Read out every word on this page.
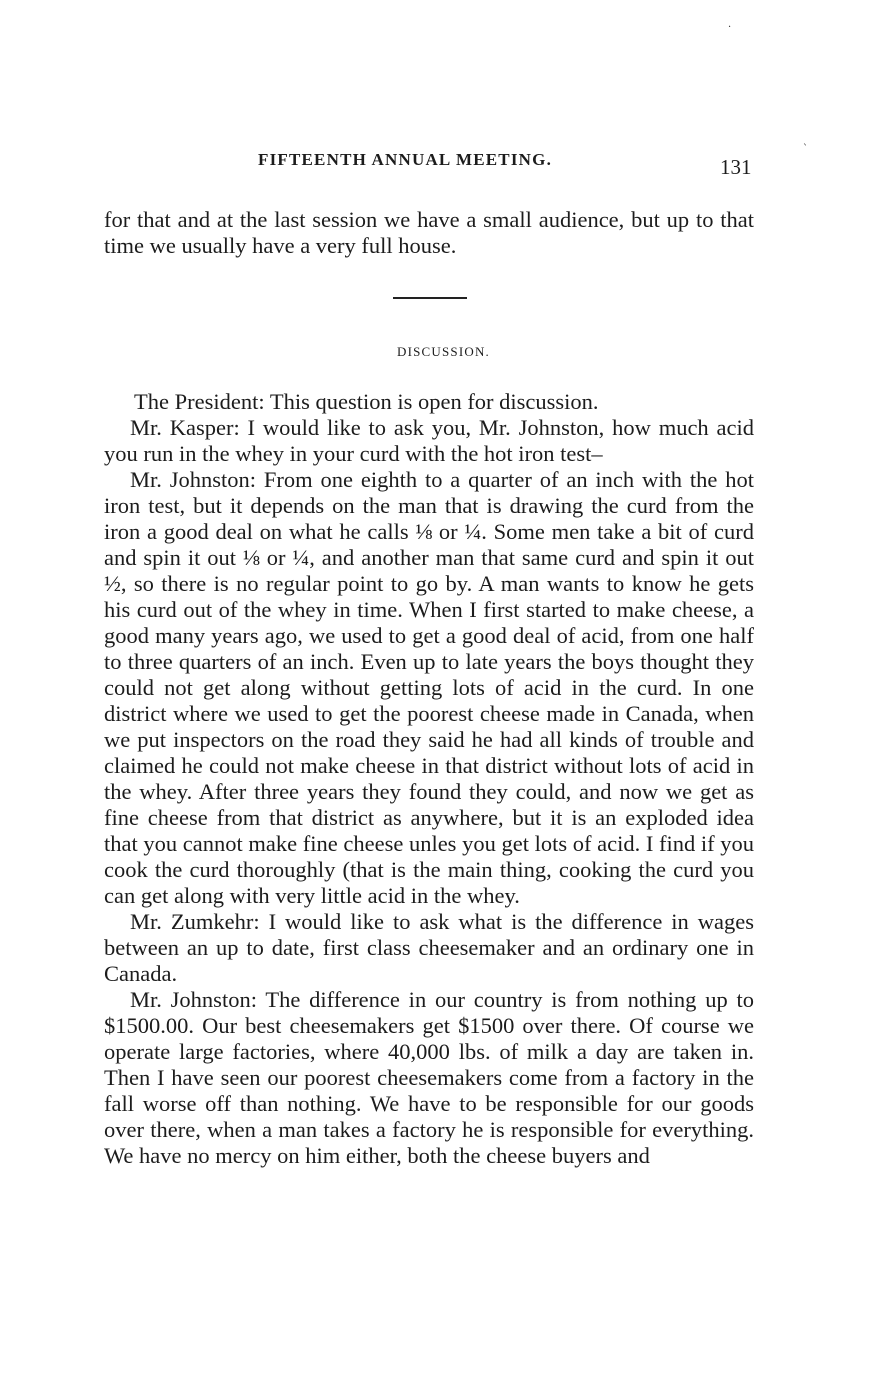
·
`
FIFTEENTH ANNUAL MEETING.	131

for that and at the last session we have a small audience, but up to that time we usually have a very full house.

DISCUSSION.

The President: This question is open for discussion.

Mr. Kasper: I would like to ask you, Mr. Johnston, how much acid you run in the whey in your curd with the hot iron test–

Mr. Johnston: From one eighth to a quarter of an inch with the hot iron test, but it depends on the man that is drawing the curd from the iron a good deal on what he calls ⅛ or ¼. Some men take a bit of curd and spin it out ⅛ or ¼, and another man that same curd and spin it out ½, so there is no regular point to go by. A man wants to know he gets his curd out of the whey in time. When I first started to make cheese, a good many years ago, we used to get a good deal of acid, from one half to three quarters of an inch. Even up to late years the boys thought they could not get along without getting lots of acid in the curd. In one district where we used to get the poorest cheese made in Canada, when we put inspectors on the road they said he had all kinds of trouble and claimed he could not make cheese in that district without lots of acid in the whey. After three years they found they could, and now we get as fine cheese from that district as anywhere, but it is an exploded idea that you cannot make fine cheese unles you get lots of acid. I find if you cook the curd thoroughly (that is the main thing, cooking the curd you can get along with very little acid in the whey.

Mr. Zumkehr: I would like to ask what is the difference in wages between an up to date, first class cheesemaker and an ordinary one in Canada.

Mr. Johnston: The difference in our country is from nothing up to $1500.00. Our best cheesemakers get $1500 over there. Of course we operate large factories, where 40,000 lbs. of milk a day are taken in. Then I have seen our poorest cheesemakers come from a factory in the fall worse off than nothing. We have to be responsible for our goods over there, when a man takes a factory he is responsible for everything. We have no mercy on him either, both the cheese buyers and
